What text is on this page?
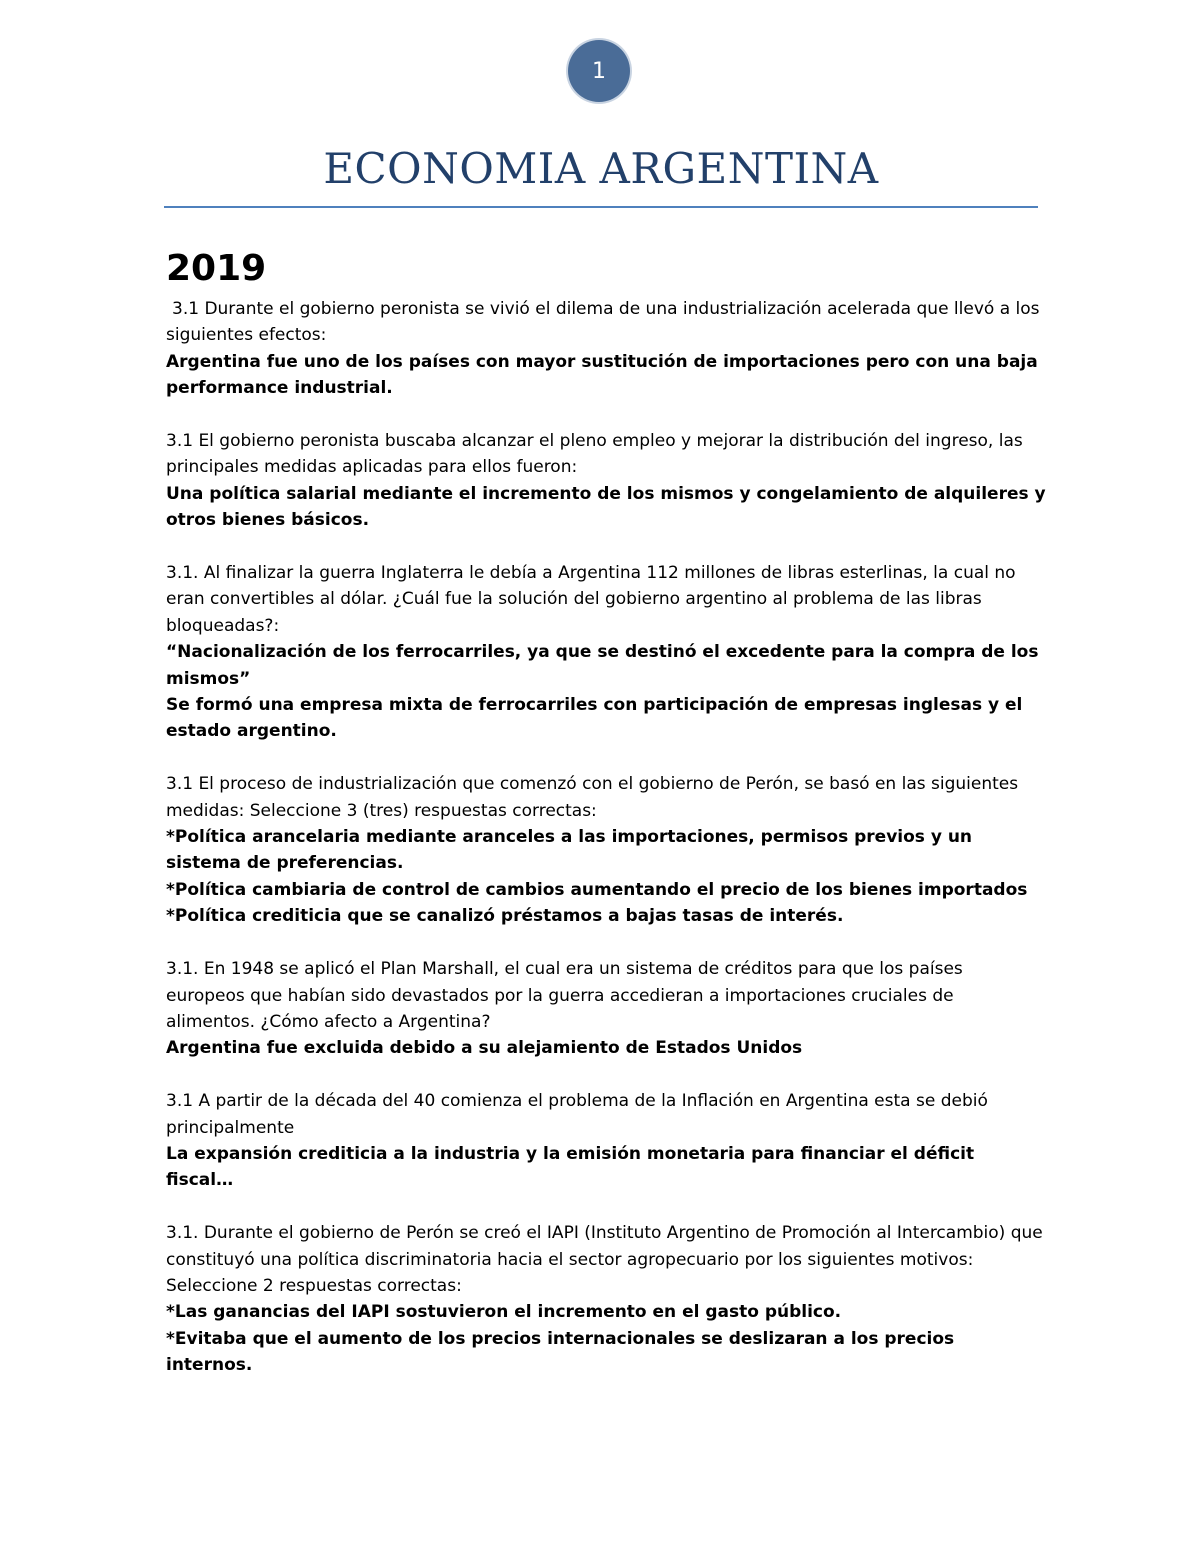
1
ECONOMIA ARGENTINA
2019

3.1 Durante el gobierno peronista se vivió el dilema de una industrialización acelerada que llevó a los siguientes efectos:

Argentina fue uno de los países con mayor sustitución de importaciones pero con una baja performance industrial.

3.1 El gobierno peronista buscaba alcanzar el pleno empleo y mejorar la distribución del ingreso, las principales medidas aplicadas para ellos fueron:

Una política salarial mediante el incremento de los mismos y congelamiento de alquileres y otros bienes básicos.

3.1. Al finalizar la guerra Inglaterra le debía a Argentina 112 millones de libras esterlinas, la cual no eran convertibles al dólar. ¿Cuál fue la solución del gobierno argentino al problema de las libras bloqueadas?:

“Nacionalización de los ferrocarriles, ya que se destinó el excedente para la compra de los mismos”

Se formó una empresa mixta de ferrocarriles con participación de empresas inglesas y el estado argentino.

3.1 El proceso de industrialización que comenzó con el gobierno de Perón, se basó en las siguientes medidas: Seleccione 3 (tres) respuestas correctas:

*Política arancelaria mediante aranceles a las importaciones, permisos previos y un sistema de preferencias.

*Política cambiaria de control de cambios aumentando el precio de los bienes importados

*Política crediticia que se canalizó préstamos a bajas tasas de interés.

3.1. En 1948 se aplicó el Plan Marshall, el cual era un sistema de créditos para que los países europeos que habían sido devastados por la guerra accedieran a importaciones cruciales de alimentos. ¿Cómo afecto a Argentina?

Argentina fue excluida debido a su alejamiento de Estados Unidos

3.1 A partir de la década del 40 comienza el problema de la Inflación en Argentina esta se debió principalmente

La expansión crediticia a la industria y la emisión monetaria para financiar el déficit fiscal…

3.1. Durante el gobierno de Perón se creó el IAPI (Instituto Argentino de Promoción al Intercambio) que constituyó una política discriminatoria hacia el sector agropecuario por los siguientes motivos: Seleccione 2 respuestas correctas:

*Las ganancias del IAPI sostuvieron el incremento en el gasto público.

*Evitaba que el aumento de los precios internacionales se deslizaran a los precios internos.
